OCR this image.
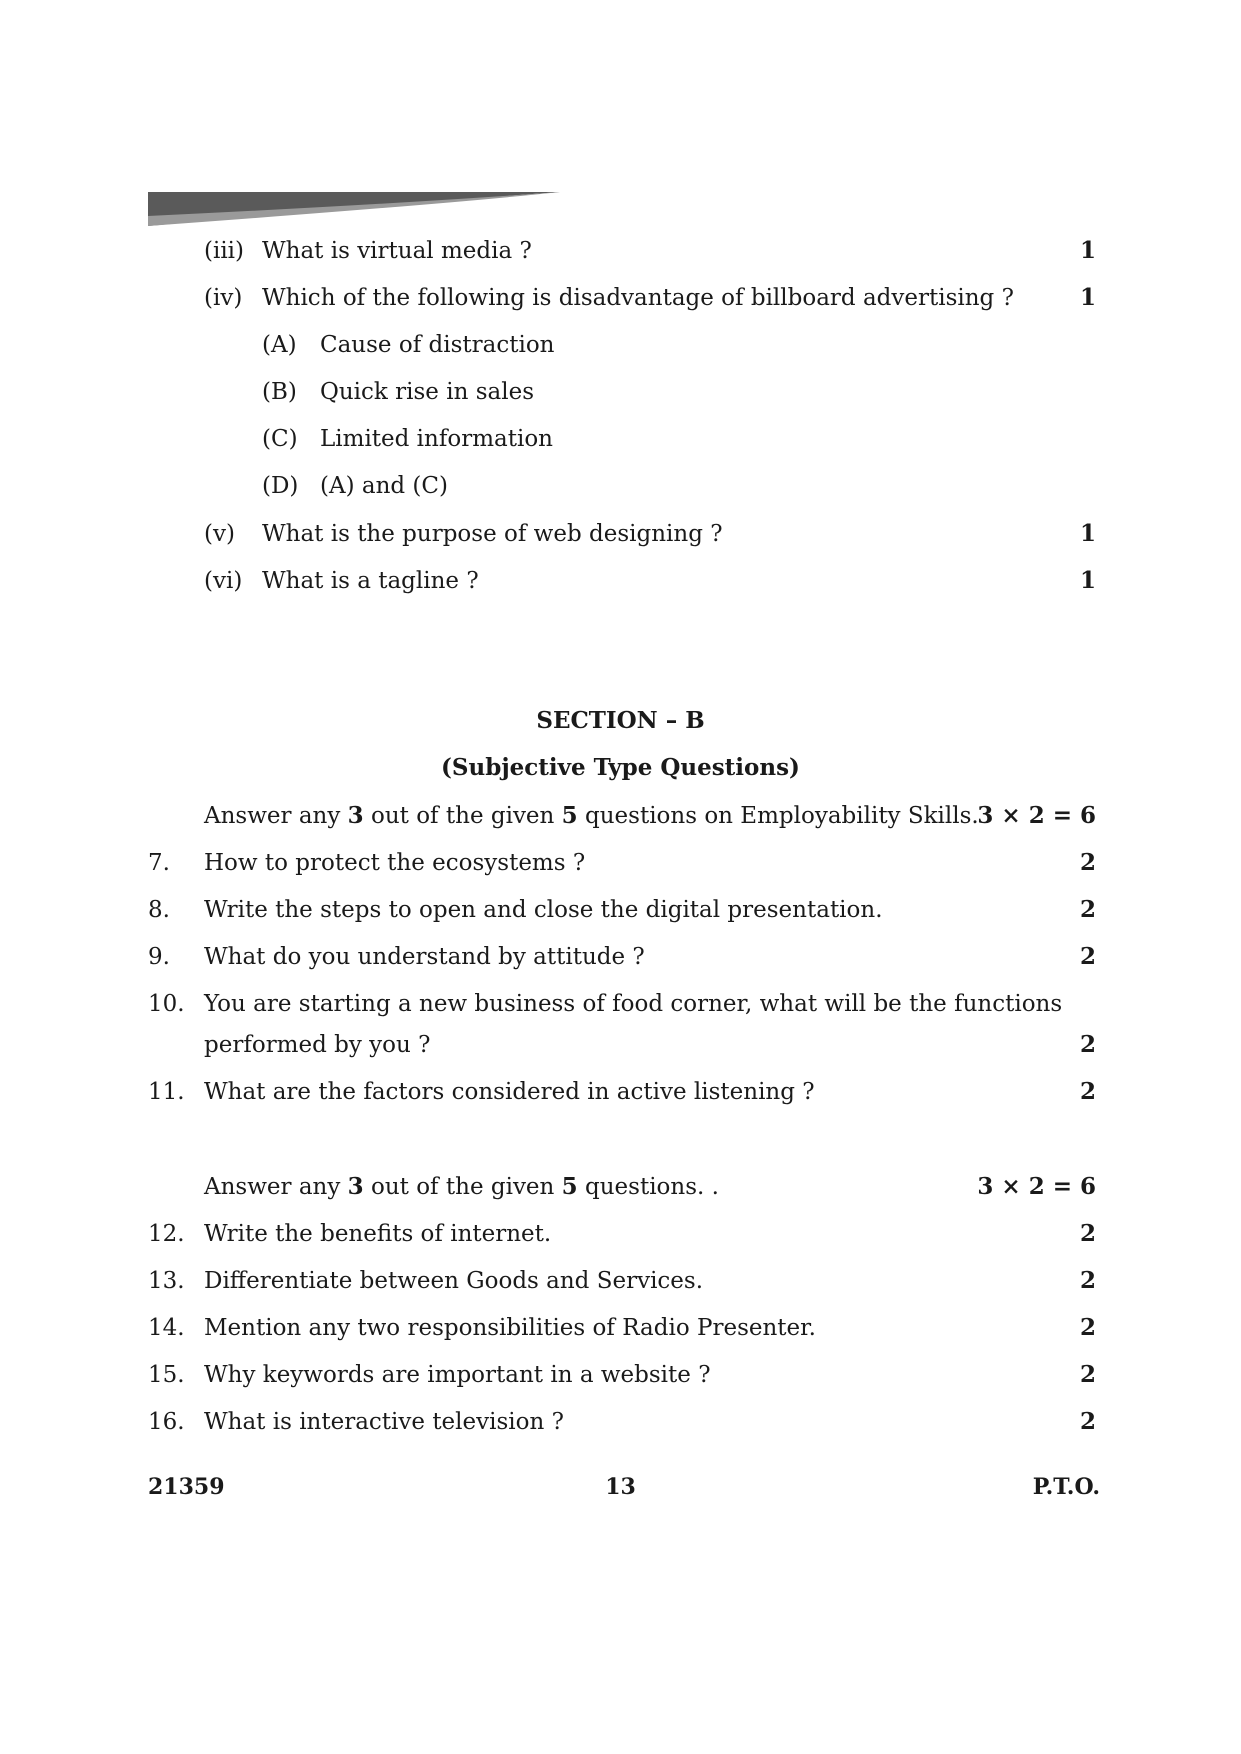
(iii) What is virtual media ?	1
(iv) Which of the following is disadvantage of billboard advertising ?	1
(A) Cause of distraction
(B) Quick rise in sales
(C) Limited information
(D) (A) and (C)
(v) What is the purpose of web designing ?	1
(vi) What is a tagline ?	1
SECTION – B
(Subjective Type Questions)
Answer any 3 out of the given 5 questions on Employability Skills.
3 × 2 = 6
7. How to protect the ecosystems ?	2
8. Write the steps to open and close the digital presentation.	2
9. What do you understand by attitude ?	2
10. You are starting a new business of food corner, what will be the functions
performed by you ?	2
11. What are the factors considered in active listening ?	2
Answer any 3 out of the given 5 questions. .	3 × 2 = 6
12. Write the benefits of internet.	2
13. Differentiate between Goods and Services.	2
14. Mention any two responsibilities of Radio Presenter.	2
15. Why keywords are important in a website ?	2
16. What is interactive television ?	2
21359	13	P.T.O.
